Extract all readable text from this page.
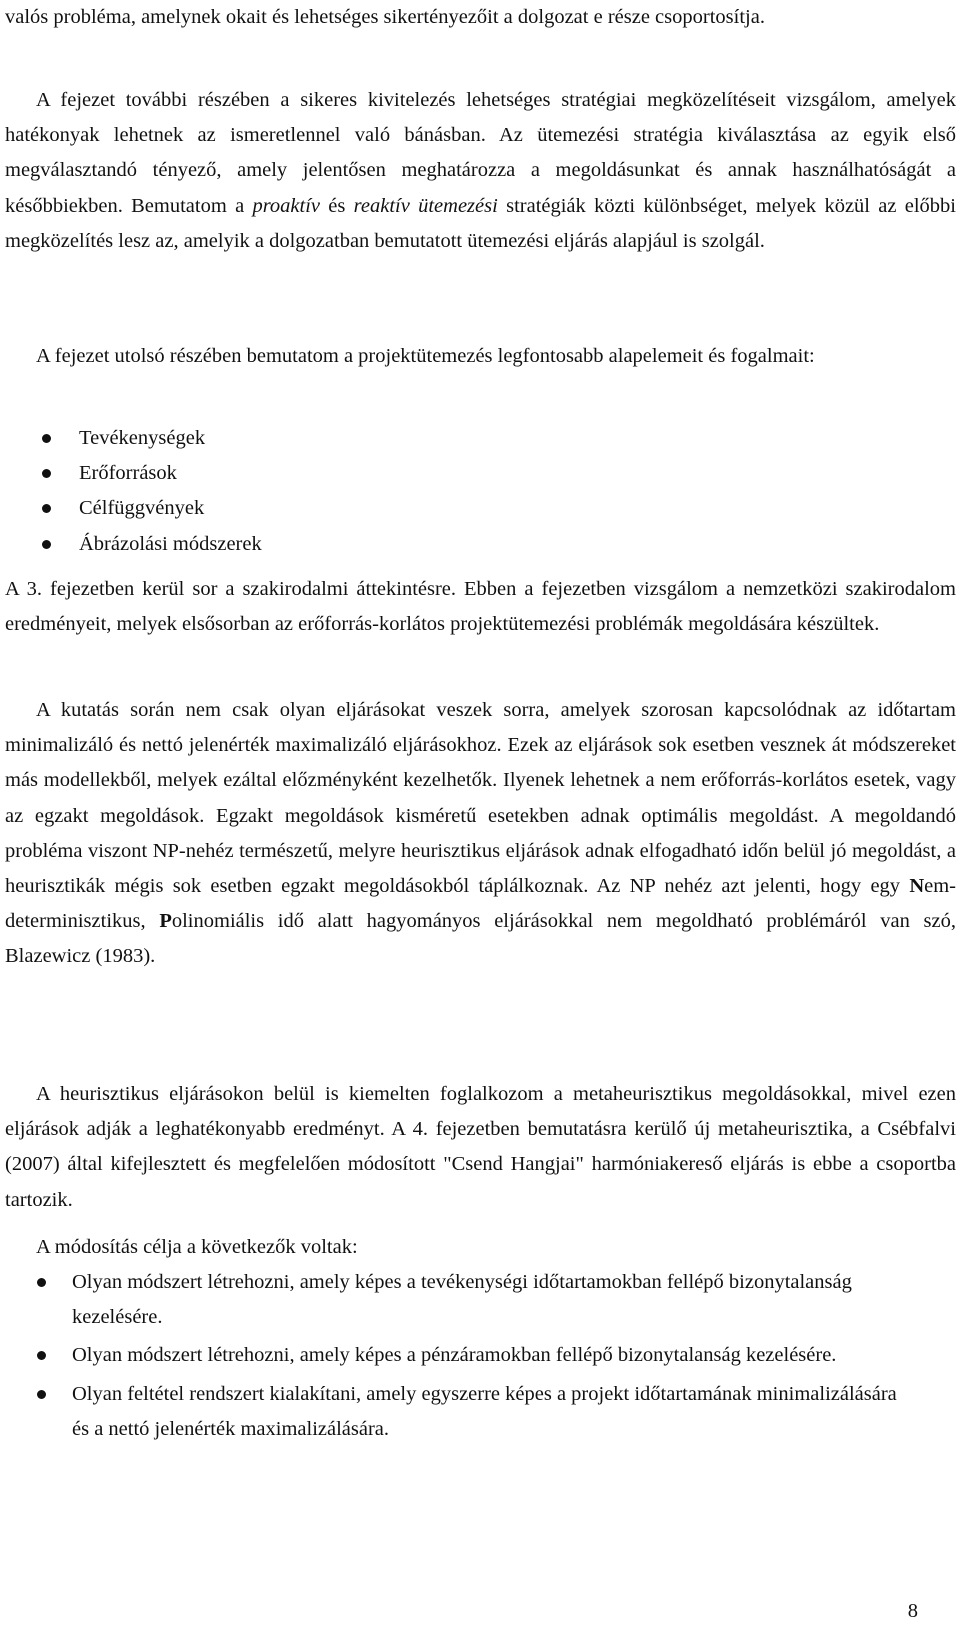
valós probléma, amelynek okait és lehetséges sikertényezőit a dolgozat e része csoportosítja.

A fejezet további részében a sikeres kivitelezés lehetséges stratégiai megközelítéseit vizsgálom, amelyek hatékonyak lehetnek az ismeretlennel való bánásban. Az ütemezési stratégia kiválasztása az egyik első megválasztandó tényező, amely jelentősen meghatározza a megoldásunkat és annak használhatóságát a későbbiekben. Bemutatom a proaktív és reaktív ütemezési stratégiák közti különbséget, melyek közül az előbbi megközelítés lesz az, amelyik a dolgozatban bemutatott ütemezési eljárás alapjául is szolgál.

A fejezet utolsó részében bemutatom a projektütemezés legfontosabb alapelemeit és fogalmait:

Tevékenységek
Erőforrások
Célfüggvények
Ábrázolási módszerek

A 3. fejezetben kerül sor a szakirodalmi áttekintésre. Ebben a fejezetben vizsgálom a nemzetközi szakirodalom eredményeit, melyek elsősorban az erőforrás-korlátos projektütemezési problémák megoldására készültek.

A kutatás során nem csak olyan eljárásokat veszek sorra, amelyek szorosan kapcsolódnak az időtartam minimalizáló és nettó jelenérték maximalizáló eljárásokhoz. Ezek az eljárások sok esetben vesznek át módszereket más modellekből, melyek ezáltal előzményként kezelhetők. Ilyenek lehetnek a nem erőforrás-korlátos esetek, vagy az egzakt megoldások. Egzakt megoldások kisméretű esetekben adnak optimális megoldást. A megoldandó probléma viszont NP-nehéz természetű, melyre heurisztikus eljárások adnak elfogadható időn belül jó megoldást, a heurisztikák mégis sok esetben egzakt megoldásokból táplálkoznak. Az NP nehéz azt jelenti, hogy egy Nem-determinisztikus, Polinomiális idő alatt hagyományos eljárásokkal nem megoldható problémáról van szó, Blazewicz (1983).

A heurisztikus eljárásokon belül is kiemelten foglalkozom a metaheurisztikus megoldásokkal, mivel ezen eljárások adják a leghatékonyabb eredményt. A 4. fejezetben bemutatásra kerülő új metaheurisztika, a Csébfalvi (2007) által kifejlesztett és megfelelően módosított "Csend Hangjai" harmóniakereső eljárás is ebbe a csoportba tartozik.

A módosítás célja a következők voltak:

Olyan módszert létrehozni, amely képes a tevékenységi időtartamokban fellépő bizonytalanság kezelésére.
Olyan módszert létrehozni, amely képes a pénzáramokban fellépő bizonytalanság kezelésére.
Olyan feltétel rendszert kialakítani, amely egyszerre képes a projekt időtartamának minimalizálására és a nettó jelenérték maximalizálására.
8
